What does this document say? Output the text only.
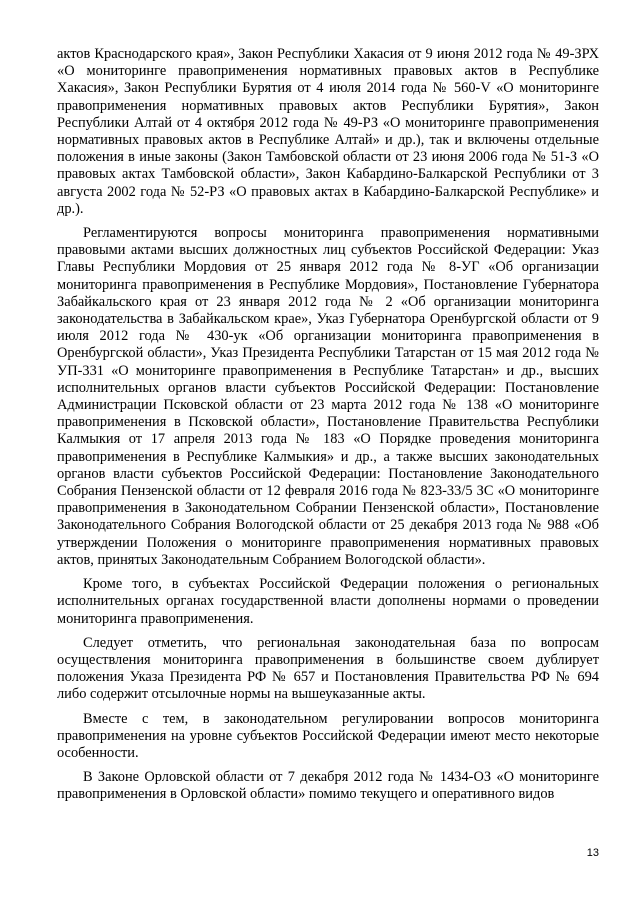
актов Краснодарского края», Закон Республики Хакасия от 9 июня 2012 года № 49-ЗРХ «О мониторинге правоприменения нормативных правовых актов в Республике Хакасия», Закон Республики Бурятия от 4 июля 2014 года № 560-V «О мониторинге правоприменения нормативных правовых актов Республики Бурятия», Закон Республики Алтай от 4 октября 2012 года № 49-РЗ «О мониторинге правоприменения нормативных правовых актов в Республике Алтай» и др.), так и включены отдельные положения в иные законы (Закон Тамбовской области от 23 июня 2006 года № 51-З «О правовых актах Тамбовской области», Закон Кабардино-Балкарской Республики от 3 августа 2002 года № 52-РЗ «О правовых актах в Кабардино-Балкарской Республике» и др.).

Регламентируются вопросы мониторинга правоприменения нормативными правовыми актами высших должностных лиц субъектов Российской Федерации: Указ Главы Республики Мордовия от 25 января 2012 года № 8-УГ «Об организации мониторинга правоприменения в Республике Мордовия», Постановление Губернатора Забайкальского края от 23 января 2012 года № 2 «Об организации мониторинга законодательства в Забайкальском крае», Указ Губернатора Оренбургской области от 9 июля 2012 года № 430-ук «Об организации мониторинга правоприменения в Оренбургской области», Указ Президента Республики Татарстан от 15 мая 2012 года № УП-331 «О мониторинге правоприменения в Республике Татарстан» и др., высших исполнительных органов власти субъектов Российской Федерации: Постановление Администрации Псковской области от 23 марта 2012 года № 138 «О мониторинге правоприменения в Псковской области», Постановление Правительства Республики Калмыкия от 17 апреля 2013 года № 183 «О Порядке проведения мониторинга правоприменения в Республике Калмыкия» и др., а также высших законодательных органов власти субъектов Российской Федерации: Постановление Законодательного Собрания Пензенской области от 12 февраля 2016 года № 823-33/5 ЗС «О мониторинге правоприменения в Законодательном Собрании Пензенской области», Постановление Законодательного Собрания Вологодской области от 25 декабря 2013 года № 988 «Об утверждении Положения о мониторинге правоприменения нормативных правовых актов, принятых Законодательным Собранием Вологодской области».

Кроме того, в субъектах Российской Федерации положения о региональных исполнительных органах государственной власти дополнены нормами о проведении мониторинга правоприменения.

Следует отметить, что региональная законодательная база по вопросам осуществления мониторинга правоприменения в большинстве своем дублирует положения Указа Президента РФ № 657 и Постановления Правительства РФ № 694 либо содержит отсылочные нормы на вышеуказанные акты.

Вместе с тем, в законодательном регулировании вопросов мониторинга правоприменения на уровне субъектов Российской Федерации имеют место некоторые особенности.

В Законе Орловской области от 7 декабря 2012 года № 1434-ОЗ «О мониторинге правоприменения в Орловской области» помимо текущего и оперативного видов

13
